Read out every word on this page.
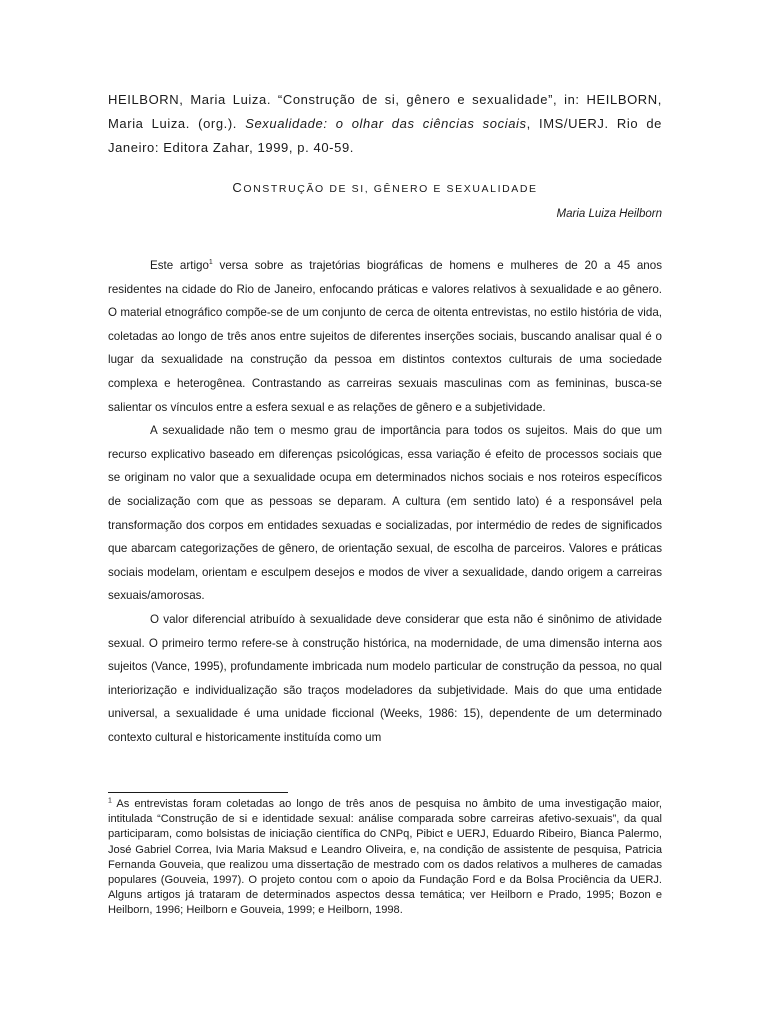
HEILBORN, Maria Luiza. “Construção de si, gênero e sexualidade”, in: HEILBORN, Maria Luiza. (org.). Sexualidade: o olhar das ciências sociais, IMS/UERJ. Rio de Janeiro: Editora Zahar, 1999, p. 40-59.

CONSTRUÇÃO DE SI, GÊNERO E SEXUALIDADE

Maria Luiza Heilborn

Este artigo$^1$ versa sobre as trajetórias biográficas de homens e mulheres de 20 a 45 anos residentes na cidade do Rio de Janeiro, enfocando práticas e valores relativos à sexualidade e ao gênero. O material etnográfico compõe-se de um conjunto de cerca de oitenta entrevistas, no estilo história de vida, coletadas ao longo de três anos entre sujeitos de diferentes inserções sociais, buscando analisar qual é o lugar da sexualidade na construção da pessoa em distintos contextos culturais de uma sociedade complexa e heterogênea. Contrastando as carreiras sexuais masculinas com as femininas, busca-se salientar os vínculos entre a esfera sexual e as relações de gênero e a subjetividade.

A sexualidade não tem o mesmo grau de importância para todos os sujeitos. Mais do que um recurso explicativo baseado em diferenças psicológicas, essa variação é efeito de processos sociais que se originam no valor que a sexualidade ocupa em determinados nichos sociais e nos roteiros específicos de socialização com que as pessoas se deparam. A cultura (em sentido lato) é a responsável pela transformação dos corpos em entidades sexuadas e socializadas, por intermédio de redes de significados que abarcam categorizações de gênero, de orientação sexual, de escolha de parceiros. Valores e práticas sociais modelam, orientam e esculpem desejos e modos de viver a sexualidade, dando origem a carreiras sexuais/amorosas.

O valor diferencial atribuído à sexualidade deve considerar que esta não é sinônimo de atividade sexual. O primeiro termo refere-se à construção histórica, na modernidade, de uma dimensão interna aos sujeitos (Vance, 1995), profundamente imbricada num modelo particular de construção da pessoa, no qual interiorização e individualização são traços modeladores da subjetividade. Mais do que uma entidade universal, a sexualidade é uma unidade ficcional (Weeks, 1986: 15), dependente de um determinado contexto cultural e historicamente instituída como um

$^1$ As entrevistas foram coletadas ao longo de três anos de pesquisa no âmbito de uma investigação maior, intitulada “Construção de si e identidade sexual: análise comparada sobre carreiras afetivo-sexuais”, da qual participaram, como bolsistas de iniciação científica do CNPq, Pibict e UERJ, Eduardo Ribeiro, Bianca Palermo, José Gabriel Correa, Ivia Maria Maksud e Leandro Oliveira, e, na condição de assistente de pesquisa, Patricia Fernanda Gouveia, que realizou uma dissertação de mestrado com os dados relativos a mulheres de camadas populares (Gouveia, 1997). O projeto contou com o apoio da Fundação Ford e da Bolsa Prociência da UERJ. Alguns artigos já trataram de determinados aspectos dessa temática; ver Heilborn e Prado, 1995; Bozon e Heilborn, 1996; Heilborn e Gouveia, 1999; e Heilborn, 1998.
